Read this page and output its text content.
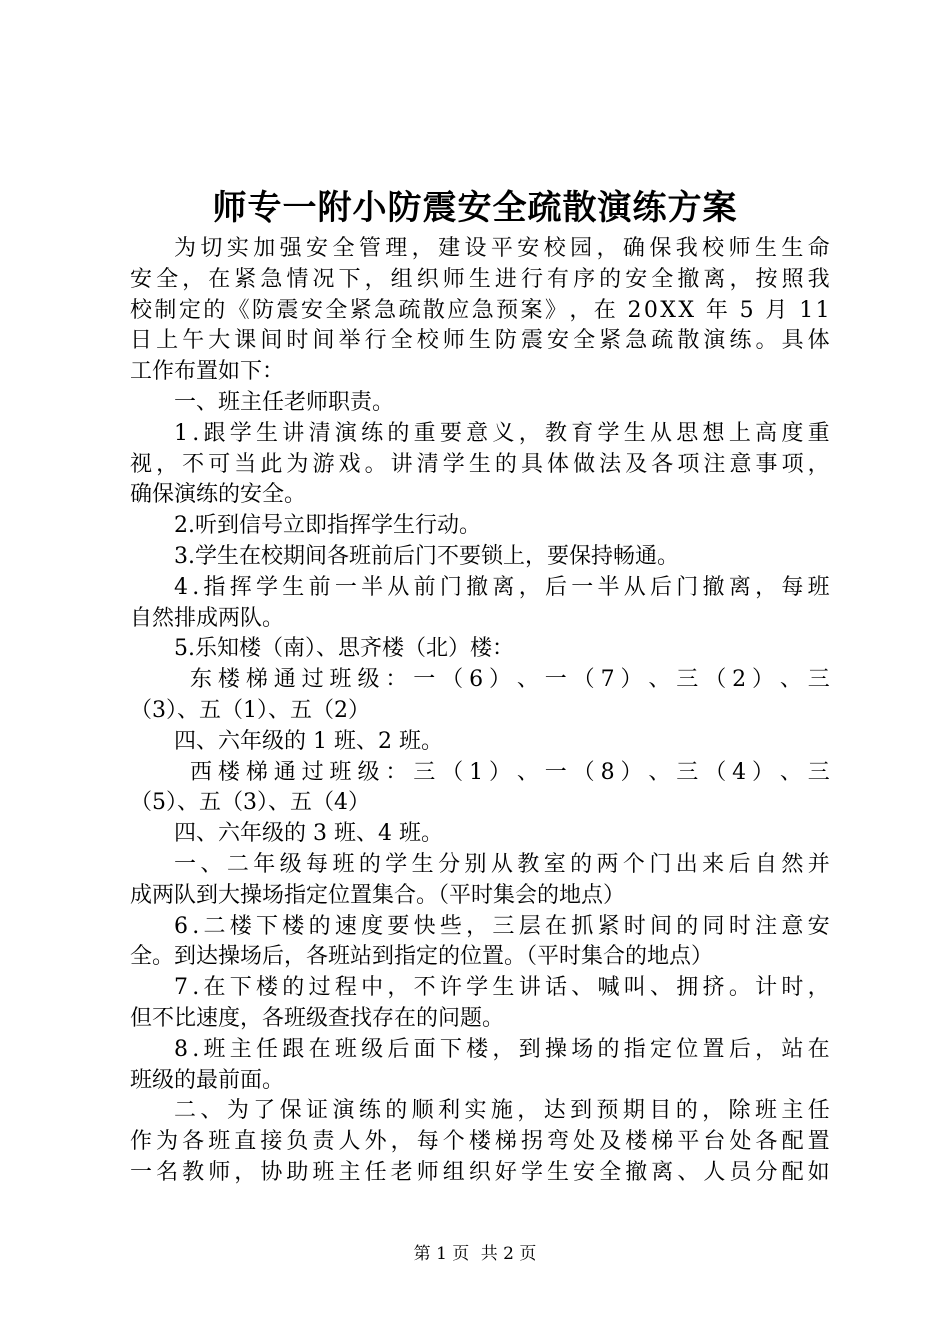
师专一附小防震安全疏散演练方案
为 切 实 加 强 安 全 管 理 ， 建 设 平 安 校 园 ， 确 保 我 校 师 生 生 命
安 全 ， 在 紧 急 情 况 下 ， 组 织 师 生 进 行 有 序 的 安 全 撤 离 ， 按 照 我
校 制 定 的 《 防 震 安 全 紧 急 疏 散 应 急 预 案 》 ， 在
2 0 X X
年
5
月
1 1
日 上 午 大 课 间 时 间 举 行 全 校 师 生 防 震 安 全 紧 急 疏 散 演 练 。 具 体
工作布置如下：
一、班主任老师职责。
1 . 跟 学 生 讲 清 演 练 的 重 要 意 义 ， 教 育 学 生 从 思 想 上 高 度 重
视 ， 不 可 当 此 为 游 戏 。 讲 清 学 生 的 具 体 做 法 及 各 项 注 意 事 项 ，
确保演练的安全。
2.听到信号立即指挥学生行动。
3.学生在校期间各班前后门不要锁上，要保持畅通。
4 . 指 挥 学 生 前 一 半 从 前 门 撤 离 ， 后 一 半 从 后 门 撤 离 ， 每 班
自然排成两队。
5.乐知楼（南）、思齐楼（北）楼：
东 楼 梯 通 过 班 级 ： 一 （ 6 ） 、 一 （ 7 ） 、 三 （ 2 ） 、 三
（3）、五（1）、五（2）
四、六年级的 1 班、2 班。
西 楼 梯 通 过 班 级 ： 三 （ 1 ） 、 一 （ 8 ） 、 三 （ 4 ） 、 三
（5）、五（3）、五（4）
四、六年级的 3 班、4 班。
一 、 二 年 级 每 班 的 学 生 分 别 从 教 室 的 两 个 门 出 来 后 自 然 并
成两队到大操场指定位置集合。（平时集会的地点）
6 . 二 楼 下 楼 的 速 度 要 快 些 ， 三 层 在 抓 紧 时 间 的 同 时 注 意 安
全。到达操场后，各班站到指定的位置。（平时集合的地点）
7 . 在 下 楼 的 过 程 中 ， 不 许 学 生 讲 话 、 喊 叫 、 拥 挤 。 计 时 ，
但不比速度，各班级查找存在的问题。
8 . 班 主 任 跟 在 班 级 后 面 下 楼 ， 到 操 场 的 指 定 位 置 后 ， 站 在
班级的最前面。
二 、 为 了 保 证 演 练 的 顺 利 实 施 ， 达 到 预 期 目 的 ， 除 班 主 任
作 为 各 班 直 接 负 责 人 外 ， 每 个 楼 梯 拐 弯 处 及 楼 梯 平 台 处 各 配 置
一 名 教 师 ， 协 助 班 主 任 老 师 组 织 好 学 生 安 全 撤 离 、 人 员 分 配 如
第 1 页 共 2 页
